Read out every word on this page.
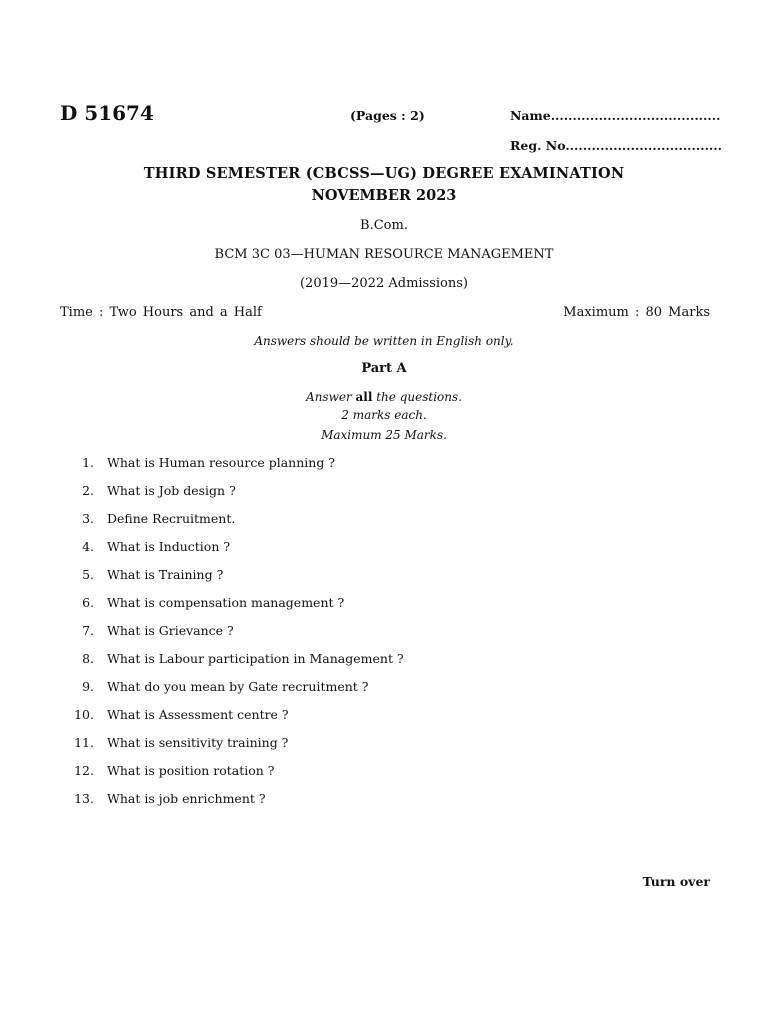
D 51674	(Pages : 2)	Name.......................................
Reg. No....................................
THIRD SEMESTER (CBCSS—UG) DEGREE EXAMINATION
NOVEMBER 2023
B.Com.
BCM 3C 03—HUMAN RESOURCE MANAGEMENT
(2019—2022 Admissions)
Time : Two Hours and a Half	Maximum : 80 Marks
Answers should be written in English only.
Part A
Answer all the questions.
2 marks each.
Maximum 25 Marks.
1.	What is Human resource planning ?
2.	What is Job design ?
3.	Define Recruitment.
4.	What is Induction ?
5.	What is Training ?
6.	What is compensation management ?
7.	What is Grievance ?
8.	What is Labour participation in Management ?
9.	What do you mean by Gate recruitment ?
10.	What is Assessment centre ?
11.	What is sensitivity training ?
12.	What is position rotation ?
13.	What is job enrichment ?
Turn over
